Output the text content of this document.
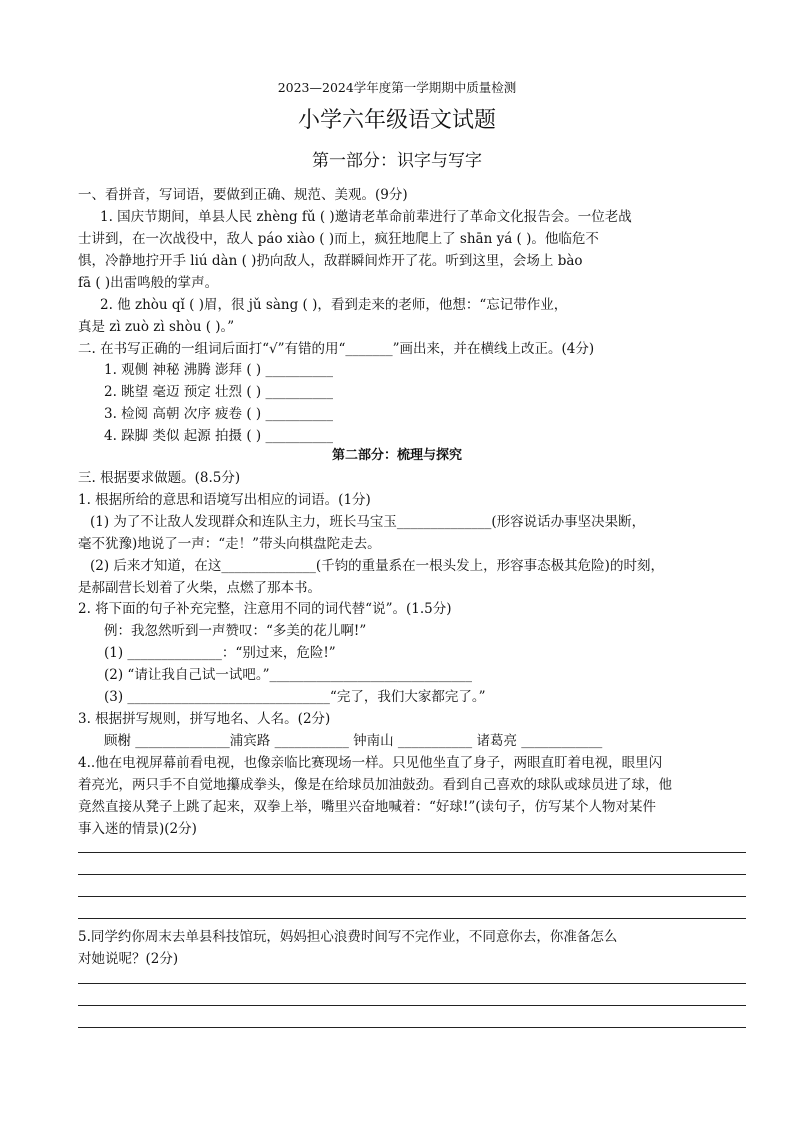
2023—2024学年度第一学期期中质量检测
小学六年级语文试题
第一部分：识字与写字
一、看拼音，写词语，要做到正确、规范、美观。(9分)
1. 国庆节期间，单县人民 zhèng fǔ ( )邀请老革命前辈进行了革命文化报告会。一位老战
士讲到，在一次战役中，敌人 páo xiào ( )而上，疯狂地爬上了 shān yá ( )。他临危不
惧，冷静地拧开手 liú dàn ( )扔向敌人，敌群瞬间炸开了花。听到这里，会场上 bào
fā ( )出雷鸣般的掌声。
2. 他 zhòu qǐ ( )眉，很 jǔ sàng ( )，看到走来的老师，他想：“忘记带作业，
真是 zì zuò zì shòu ( )。”
二. 在书写正确的一组词后面打“√”有错的用“_______”画出来，并在横线上改正。(4分)
1. 观侧 神秘 沸腾 澎拜 ( ) __________
2. 眺望 毫迈 预定 壮烈 ( ) __________
3. 检阅 高朝 次序 疲卷 ( ) __________
4. 跺脚 类似 起源 拍摄 ( ) __________
第二部分：梳理与探究
三. 根据要求做题。(8.5分)
1. 根据所给的意思和语境写出相应的词语。(1分)
(1) 为了不让敌人发现群众和连队主力，班长马宝玉______________(形容说话办事坚决果断，
毫不犹豫)地说了一声：“走！”带头向棋盘陀走去。
(2) 后来才知道，在这______________(千钧的重量系在一根头发上，形容事态极其危险)的时刻，
是郝副营长划着了火柴，点燃了那本书。
2. 将下面的句子补充完整，注意用不同的词代替“说”。(1.5分)
例：我忽然听到一声赞叹：“多美的花儿啊!”
(1) ______________：“别过来，危险!”
(2) “请让我自己试一试吧。”______________________________
(3) ______________________________“完了，我们大家都完了。”
3. 根据拼写规则，拼写地名、人名。(2分)
顾榭 ______________浦宾路 ___________ 钟南山 ___________ 诸葛亮 ____________
4..他在电视屏幕前看电视，也像亲临比赛现场一样。只见他坐直了身子，两眼直盯着电视，眼里闪
着亮光，两只手不自觉地攥成拳头，像是在给球员加油鼓劲。看到自己喜欢的球队或球员进了球，他
竟然直接从凳子上跳了起来，双拳上举，嘴里兴奋地喊着：“好球!”(读句子，仿写某个人物对某件
事入迷的情景)(2分)
5.同学约你周末去单县科技馆玩，妈妈担心浪费时间写不完作业，不同意你去，你准备怎么
对她说呢？(2分)
